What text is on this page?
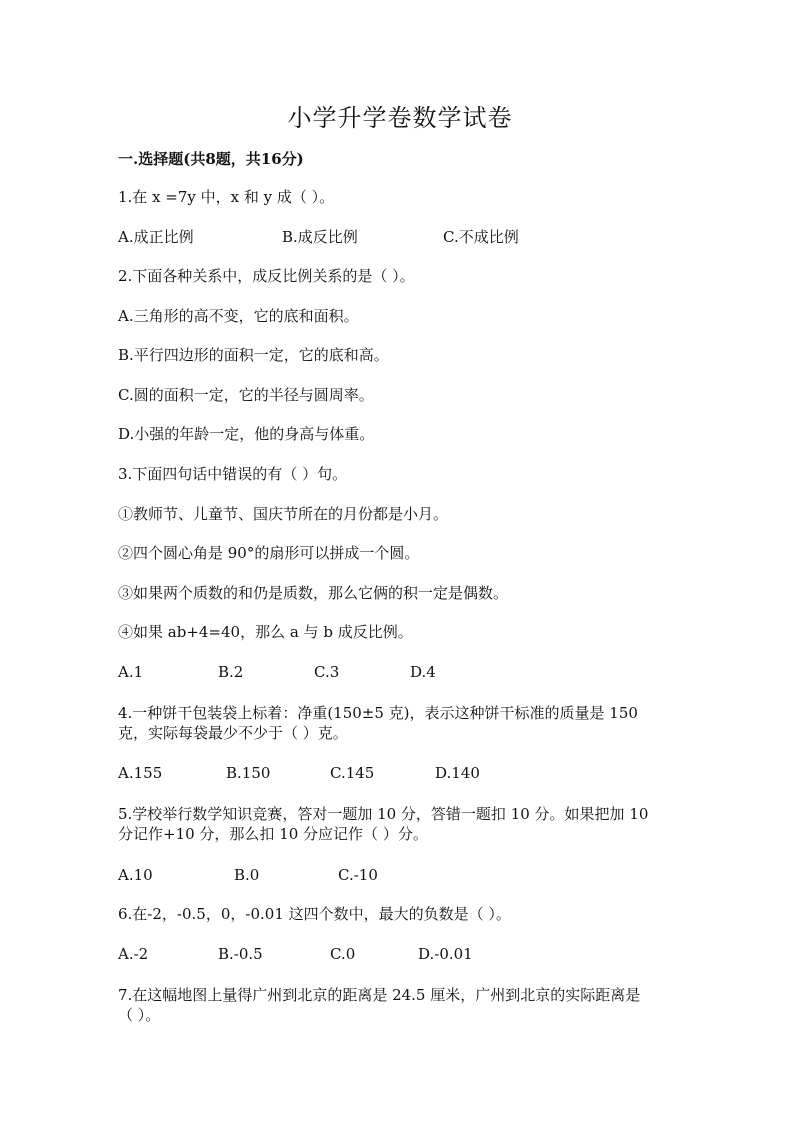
小学升学卷数学试卷
一.选择题(共8题，共16分)
1.在 x =7y 中，x 和 y 成（ ）。
A.成正比例	B.成反比例	C.不成比例
2.下面各种关系中，成反比例关系的是（ ）。
A.三角形的高不变，它的底和面积。
B.平行四边形的面积一定，它的底和高。
C.圆的面积一定，它的半径与圆周率。
D.小强的年龄一定，他的身高与体重。
3.下面四句话中错误的有（ ）句。
①教师节、儿童节、国庆节所在的月份都是小月。
②四个圆心角是 90°的扇形可以拼成一个圆。
③如果两个质数的和仍是质数，那么它俩的积一定是偶数。
④如果 ab+4=40，那么 a 与 b 成反比例。
A.1	B.2	C.3	D.4
4.一种饼干包装袋上标着：净重(150±5 克)，表示这种饼干标准的质量是 150
克，实际每袋最少不少于（ ）克。
A.155	B.150	C.145	D.140
5.学校举行数学知识竞赛，答对一题加 10 分，答错一题扣 10 分。如果把加 10
分记作+10 分，那么扣 10 分应记作（ ）分。
A.10	B.0	C.-10
6.在-2，-0.5，0，-0.01 这四个数中，最大的负数是（ ）。
A.-2	B.-0.5	C.0	D.-0.01
7.在这幅地图上量得广州到北京的距离是 24.5 厘米，广州到北京的实际距离是
（ ）。
